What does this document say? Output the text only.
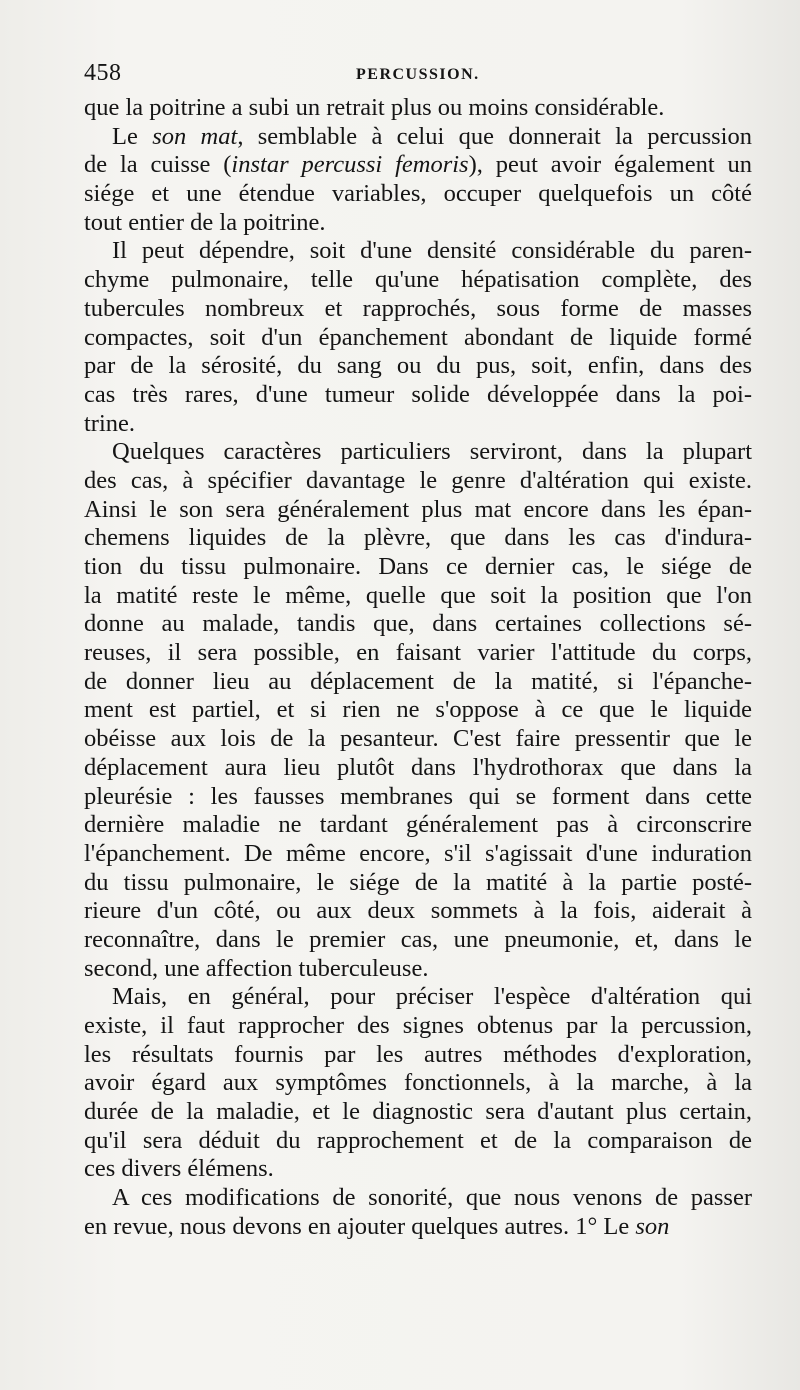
458	PERCUSSION.
que la poitrine a subi un retrait plus ou moins considérable.
Le son mat, semblable à celui que donnerait la percussion
de la cuisse (instar percussi femoris), peut avoir également un
siége et une étendue variables, occuper quelquefois un côté
tout entier de la poitrine.
Il peut dépendre, soit d'une densité considérable du paren-
chyme pulmonaire, telle qu'une hépatisation complète, des
tubercules nombreux et rapprochés, sous forme de masses
compactes, soit d'un épanchement abondant de liquide formé
par de la sérosité, du sang ou du pus, soit, enfin, dans des
cas très rares, d'une tumeur solide développée dans la poi-
trine.
Quelques caractères particuliers serviront, dans la plupart
des cas, à spécifier davantage le genre d'altération qui existe.
Ainsi le son sera généralement plus mat encore dans les épan-
chemens liquides de la plèvre, que dans les cas d'indura-
tion du tissu pulmonaire. Dans ce dernier cas, le siége de
la matité reste le même, quelle que soit la position que l'on
donne au malade, tandis que, dans certaines collections sé-
reuses, il sera possible, en faisant varier l'attitude du corps,
de donner lieu au déplacement de la matité, si l'épanche-
ment est partiel, et si rien ne s'oppose à ce que le liquide
obéisse aux lois de la pesanteur. C'est faire pressentir que le
déplacement aura lieu plutôt dans l'hydrothorax que dans la
pleurésie : les fausses membranes qui se forment dans cette
dernière maladie ne tardant généralement pas à circonscrire
l'épanchement. De même encore, s'il s'agissait d'une induration
du tissu pulmonaire, le siége de la matité à la partie posté-
rieure d'un côté, ou aux deux sommets à la fois, aiderait à
reconnaître, dans le premier cas, une pneumonie, et, dans le
second, une affection tuberculeuse.
Mais, en général, pour préciser l'espèce d'altération qui
existe, il faut rapprocher des signes obtenus par la percussion,
les résultats fournis par les autres méthodes d'exploration,
avoir égard aux symptômes fonctionnels, à la marche, à la
durée de la maladie, et le diagnostic sera d'autant plus certain,
qu'il sera déduit du rapprochement et de la comparaison de
ces divers élémens.
A ces modifications de sonorité, que nous venons de passer
en revue, nous devons en ajouter quelques autres. 1° Le son
